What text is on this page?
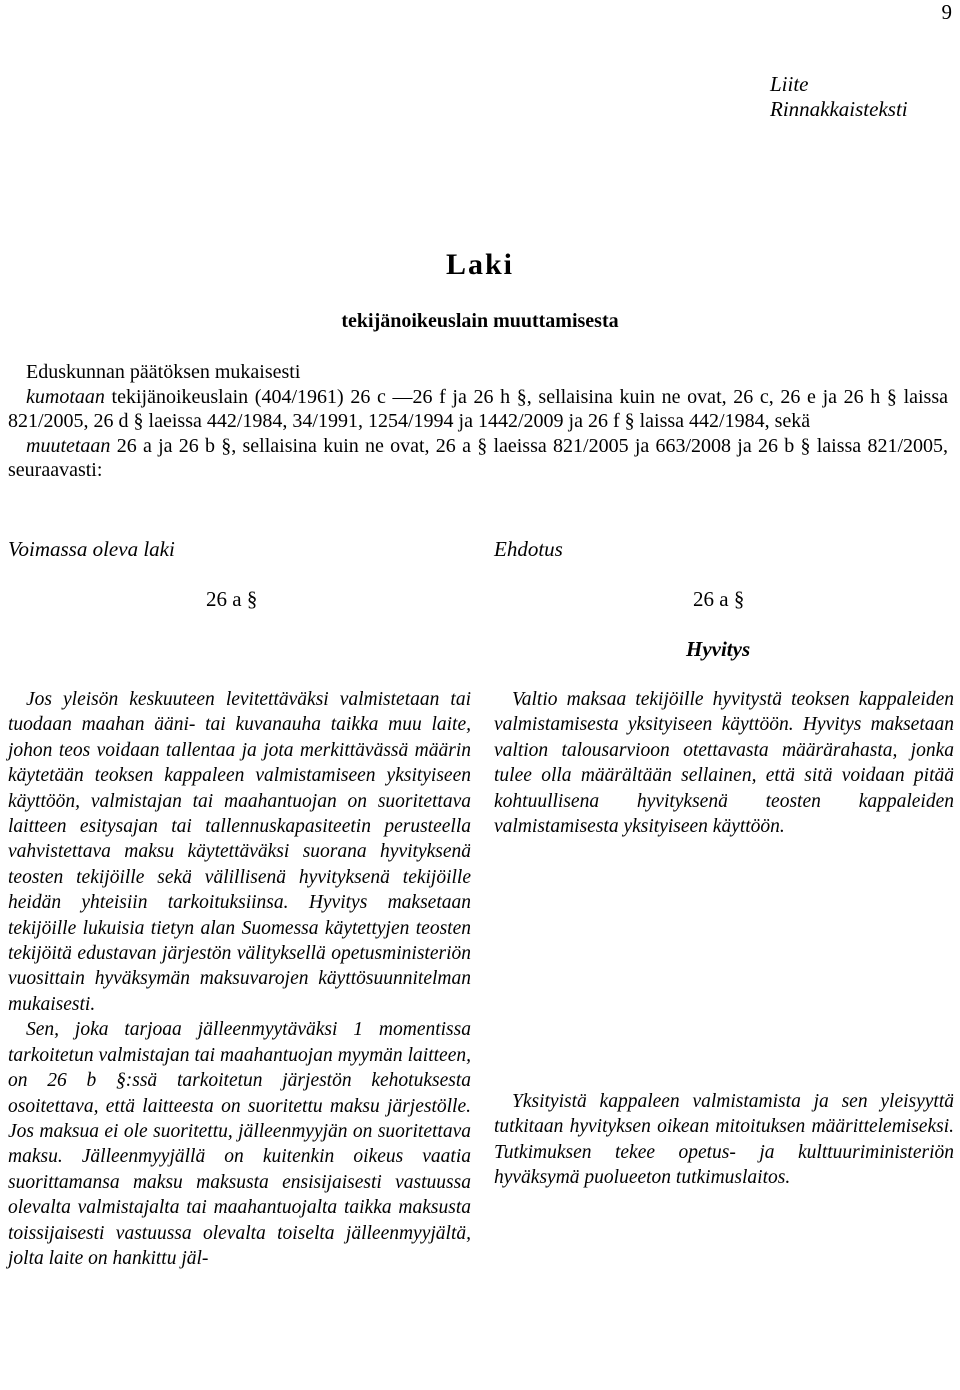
9
Liite
Rinnakkaisteksti
Laki
tekijänoikeuslain muuttamisesta

Eduskunnan päätöksen mukaisesti

kumotaan tekijänoikeuslain (404/1961) 26 c —26 f ja 26 h §, sellaisina kuin ne ovat, 26 c, 26 e ja 26 h § laissa 821/2005, 26 d § laeissa 442/1984, 34/1991, 1254/1994 ja 1442/2009 ja 26 f § laissa 442/1984, sekä

muutetaan 26 a ja 26 b §, sellaisina kuin ne ovat, 26 a § laeissa 821/2005 ja 663/2008 ja 26 b § laissa 821/2005, seuraavasti:

Voimassa oleva laki	Ehdotus
26 a §	26 a §
Hyvitys

Jos yleisön keskuuteen levitettäväksi valmistetaan tai tuodaan maahan ääni- tai kuvanauha taikka muu laite, johon teos voidaan tallentaa ja jota merkittävässä määrin käytetään teoksen kappaleen valmistamiseen yksityiseen käyttöön, valmistajan tai maahantuojan on suoritettava laitteen esitysajan tai tallennuskapasiteetin perusteella vahvistettava maksu käytettäväksi suorana hyvityksenä teosten tekijöille sekä välillisenä hyvityksenä tekijöille heidän yhteisiin tarkoituksiinsa. Hyvitys maksetaan tekijöille lukuisia tietyn alan Suomessa käytettyjen teosten tekijöitä edustavan järjestön välityksellä opetusministeriön vuosittain hyväksymän maksuvarojen käyttösuunnitelman mukaisesti.

Sen, joka tarjoaa jälleenmyytäväksi 1 momentissa tarkoitetun valmistajan tai maahantuojan myymän laitteen, on 26 b §:ssä tarkoitetun järjestön kehotuksesta osoitettava, että laitteesta on suoritettu maksu järjestölle. Jos maksua ei ole suoritettu, jälleenmyyjän on suoritettava maksu. Jälleenmyyjällä on kuitenkin oikeus vaatia suorittamansa maksu maksusta ensisijaisesti vastuussa olevalta valmistajalta tai maahantuojalta taikka maksusta toissijaisesti vastuussa olevalta toiselta jälleenmyyjältä, jolta laite on hankittu jäl-

Valtio maksaa tekijöille hyvitystä teoksen kappaleiden valmistamisesta yksityiseen käyttöön. Hyvitys maksetaan valtion talousarvioon otettavasta määrärahasta, jonka tulee olla määrältään sellainen, että sitä voidaan pitää kohtuullisena hyvityksenä teosten kappaleiden valmistamisesta yksityiseen käyttöön.

Yksityistä kappaleen valmistamista ja sen yleisyyttä tutkitaan hyvityksen oikean mitoituksen määrittelemiseksi. Tutkimuksen tekee opetus- ja kulttuuriministeriön hyväksymä puolueeton tutkimuslaitos.
